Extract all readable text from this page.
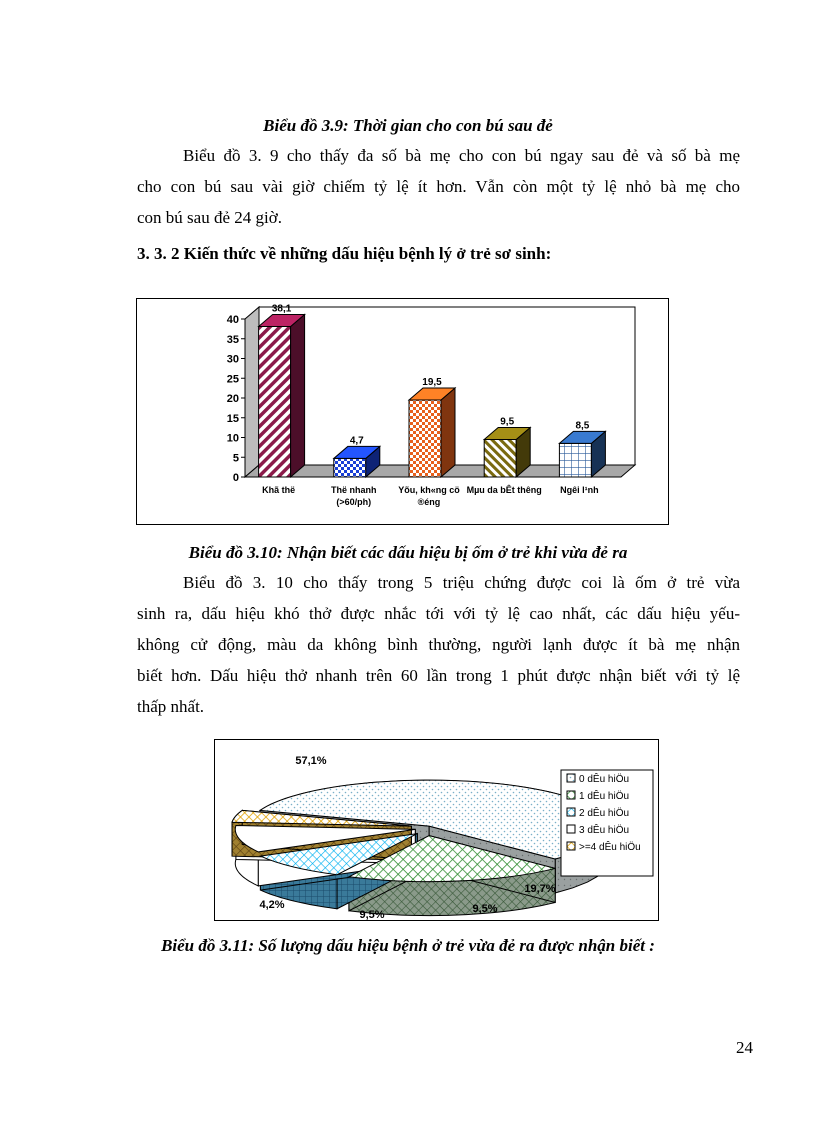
Biểu đồ 3.9: Thời gian cho con bú sau đẻ
Biểu đồ 3. 9 cho thấy đa số bà mẹ cho con bú ngay sau đẻ và số bà mẹ
cho con bú sau vài giờ chiếm tỷ lệ ít hơn. Vẫn còn một tỷ lệ nhỏ bà mẹ cho
con bú sau đẻ 24 giờ.
3. 3. 2 Kiến thức về những dấu hiệu bệnh lý ở trẻ sơ sinh:
0
5
10
15
20
25
30
35
40
38,1
Khã thë
4,7
Thë nhanh
(>60/ph)
19,5
Yõu, kh«ng cö
®éng
9,5
Mµu da bÊt thêng
8,5
Ngêi l¹nh
Biểu đồ 3.10: Nhận biết các dấu hiệu bị ốm ở trẻ khi vừa đẻ ra
Biểu đồ 3. 10 cho thấy trong 5 triệu chứng được coi là ốm ở trẻ vừa
sinh ra, dấu hiệu khó thở được nhắc tới với tỷ lệ cao nhất, các dấu hiệu yếu-
không cử động, màu da không bình thường, người lạnh được ít bà mẹ nhận
biết hơn. Dấu hiệu thở nhanh trên 60 lần trong 1 phút được nhận biết với tỷ lệ
thấp nhất.
57,1%
19,7%
9,5%
9,5%
4,2%
0 dÊu hiÖu
1 dÊu hiÖu
2 dÊu hiÖu
3 dÊu hiÖu
>=4 dÊu hiÖu
Biểu đồ 3.11: Số lượng dấu hiệu bệnh ở trẻ vừa đẻ ra được nhận biết :
24
